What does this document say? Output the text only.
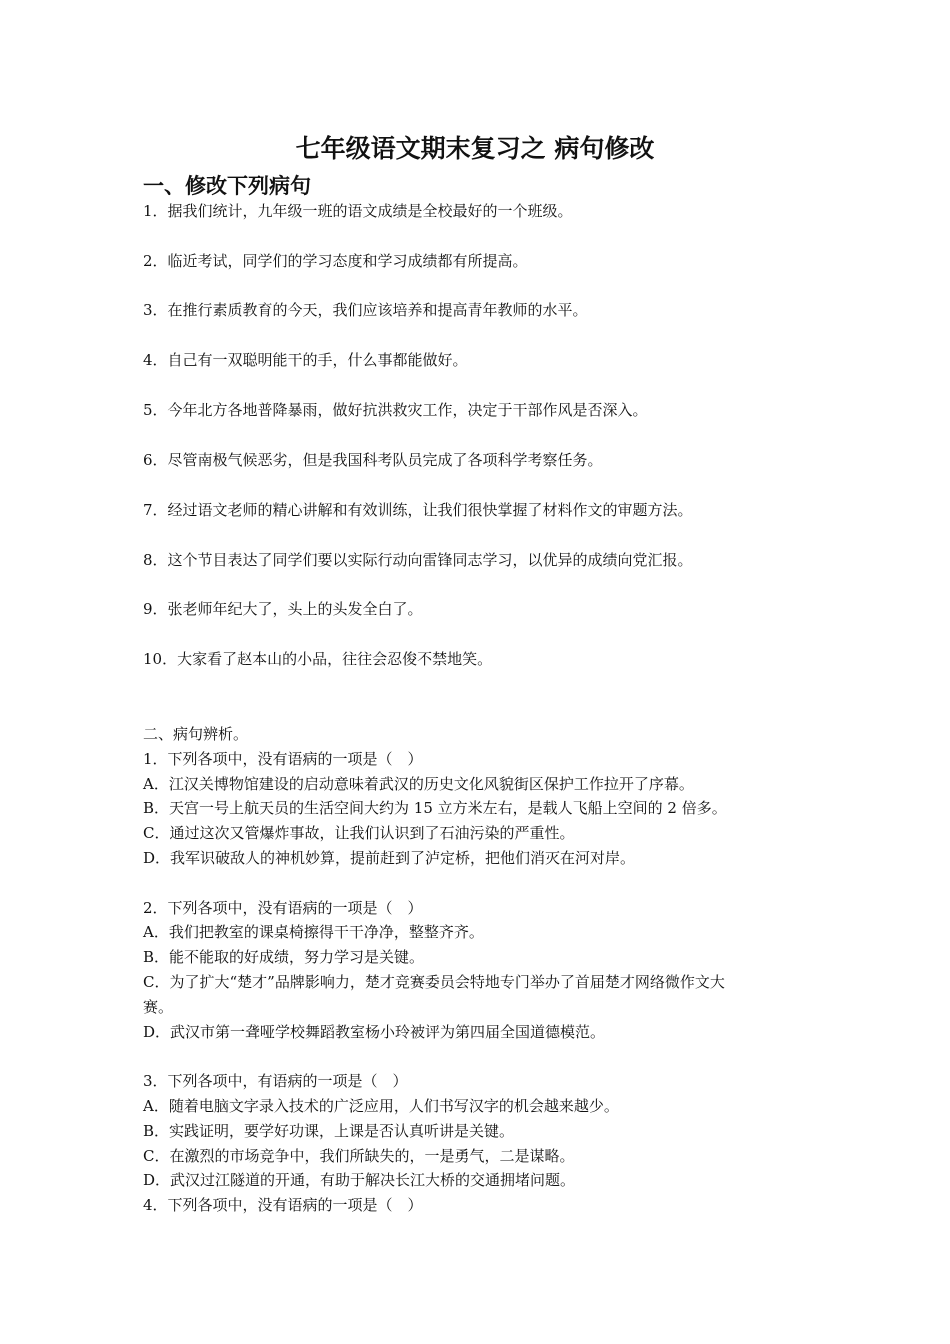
七年级语文期末复习之 病句修改
一、修改下列病句
1．据我们统计，九年级一班的语文成绩是全校最好的一个班级。
2．临近考试，同学们的学习态度和学习成绩都有所提高。
3．在推行素质教育的今天，我们应该培养和提高青年教师的水平。
4．自己有一双聪明能干的手，什么事都能做好。
5．今年北方各地普降暴雨，做好抗洪救灾工作，决定于干部作风是否深入。
6．尽管南极气候恶劣，但是我国科考队员完成了各项科学考察任务。
7．经过语文老师的精心讲解和有效训练，让我们很快掌握了材料作文的审题方法。
8．这个节目表达了同学们要以实际行动向雷锋同志学习，以优异的成绩向党汇报。
9．张老师年纪大了，头上的头发全白了。
10．大家看了赵本山的小品，往往会忍俊不禁地笑。
二、病句辨析。
1．下列各项中，没有语病的一项是（　）
A．江汉关博物馆建设的启动意味着武汉的历史文化风貌街区保护工作拉开了序幕。
B．天宫一号上航天员的生活空间大约为 15 立方米左右，是载人飞船上空间的 2 倍多。
C．通过这次又管爆炸事故，让我们认识到了石油污染的严重性。
D．我军识破敌人的神机妙算，提前赶到了泸定桥，把他们消灭在河对岸。
2．下列各项中，没有语病的一项是（　）
A．我们把教室的课桌椅擦得干干净净，整整齐齐。
B．能不能取的好成绩，努力学习是关键。
C．为了扩大“楚才”品牌影响力，楚才竞赛委员会特地专门举办了首届楚才网络微作文大
赛。
D．武汉市第一聋哑学校舞蹈教室杨小玲被评为第四届全国道德模范。
3．下列各项中，有语病的一项是（　）
A．随着电脑文字录入技术的广泛应用，人们书写汉字的机会越来越少。
B．实践证明，要学好功课，上课是否认真听讲是关键。
C．在激烈的市场竞争中，我们所缺失的，一是勇气，二是谋略。
D．武汉过江隧道的开通，有助于解决长江大桥的交通拥堵问题。
4．下列各项中，没有语病的一项是（　）
